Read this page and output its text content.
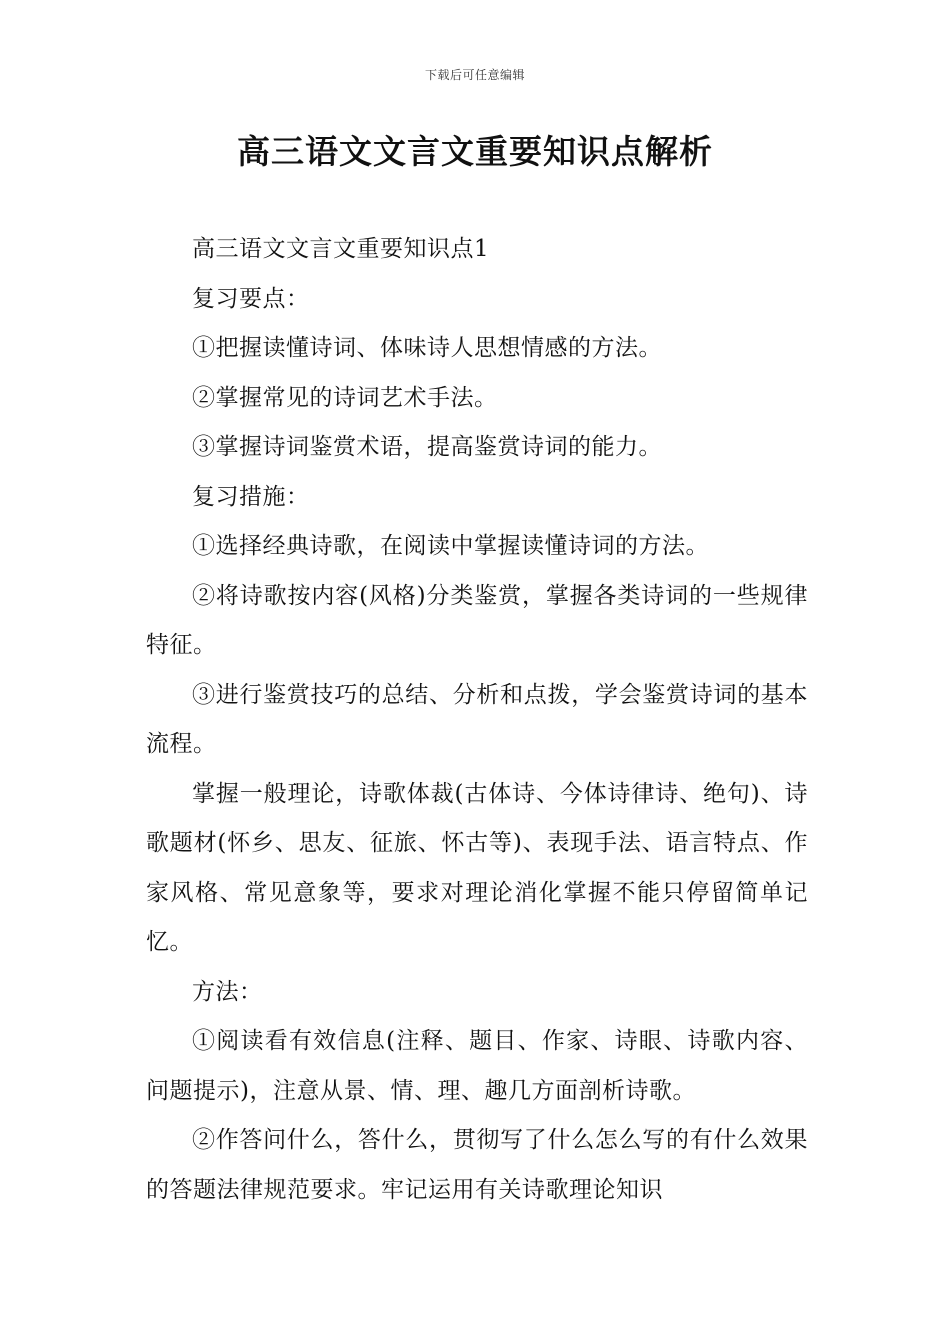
下载后可任意编辑
高三语文文言文重要知识点解析

高三语文文言文重要知识点1

复习要点：

①把握读懂诗词、体味诗人思想情感的方法。

②掌握常见的诗词艺术手法。

③掌握诗词鉴赏术语，提高鉴赏诗词的能力。

复习措施：

①选择经典诗歌，在阅读中掌握读懂诗词的方法。

②将诗歌按内容(风格)分类鉴赏，掌握各类诗词的一些规律特征。

③进行鉴赏技巧的总结、分析和点拨，学会鉴赏诗词的基本流程。

掌握一般理论，诗歌体裁(古体诗、今体诗律诗、绝句)、诗歌题材(怀乡、思友、征旅、怀古等)、表现手法、语言特点、作家风格、常见意象等，要求对理论消化掌握不能只停留简单记忆。

方法：

①阅读看有效信息(注释、题目、作家、诗眼、诗歌内容、问题提示)，注意从景、情、理、趣几方面剖析诗歌。

②作答问什么，答什么，贯彻写了什么怎么写的有什么效果的答题法律规范要求。牢记运用有关诗歌理论知识
